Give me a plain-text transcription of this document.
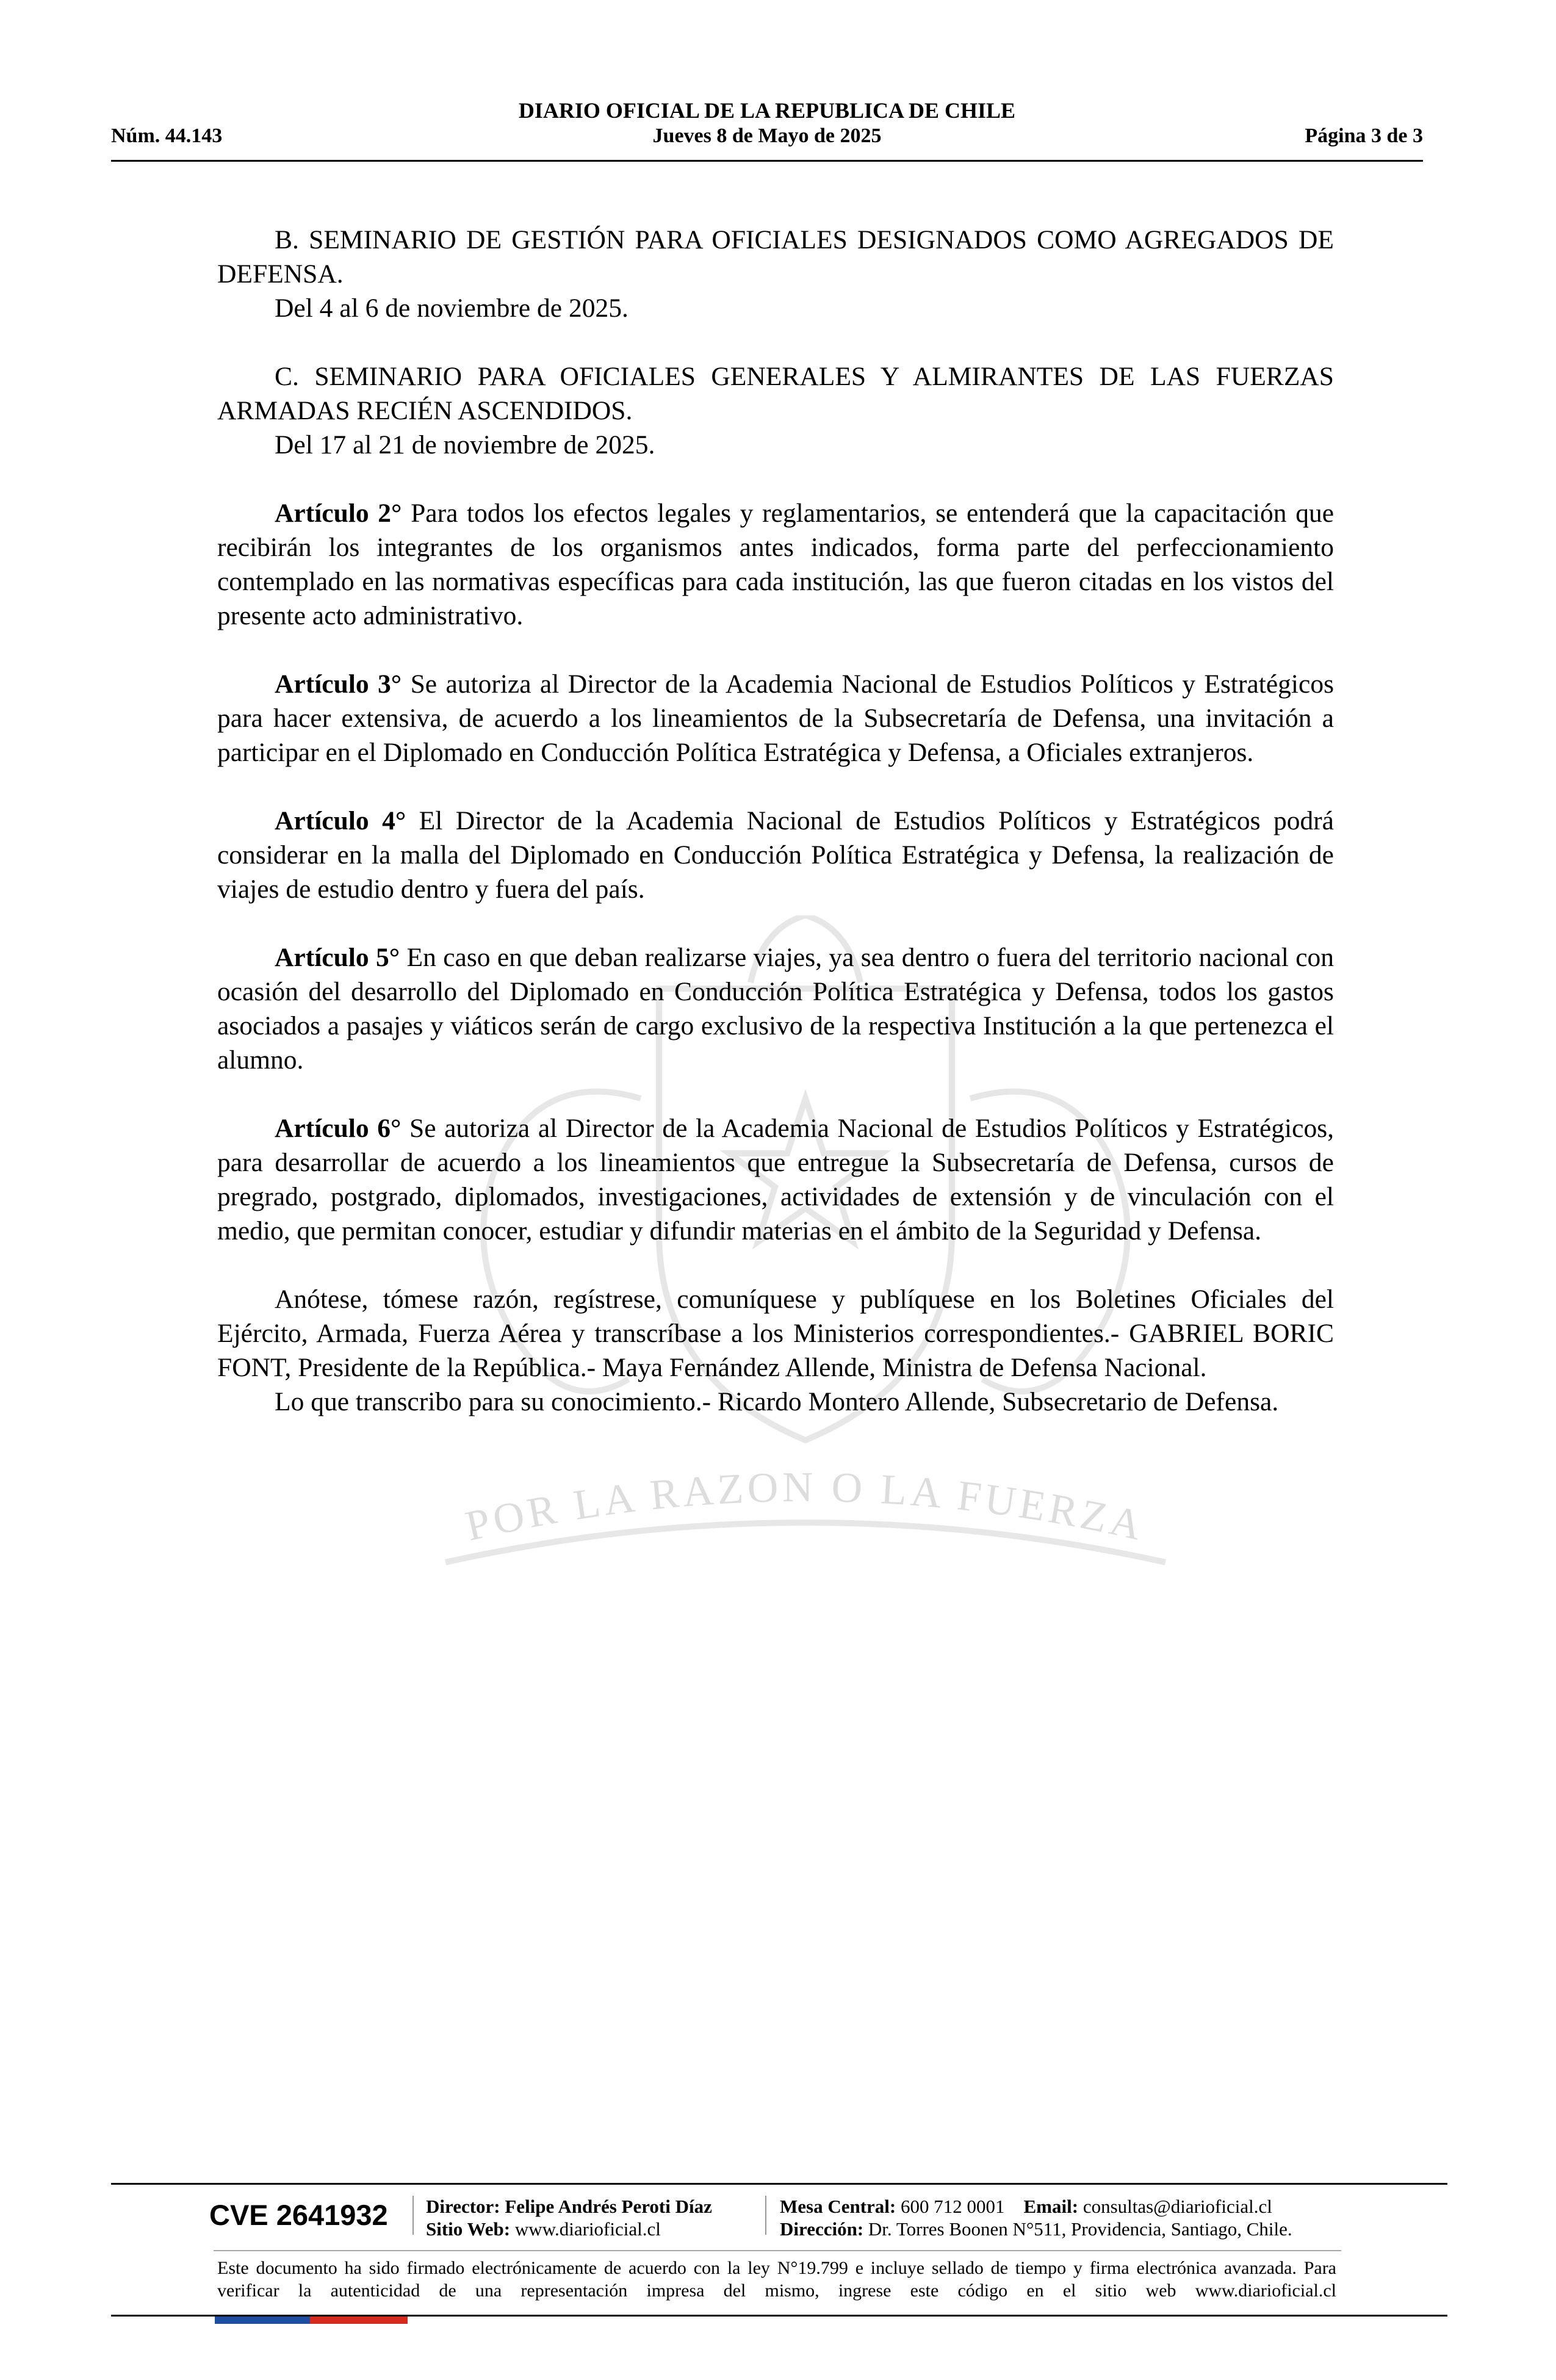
POR LA RAZON O LA FUERZA
DIARIO OFICIAL DE LA REPUBLICA DE CHILE
Núm. 44.143	Jueves 8 de Mayo de 2025	Página 3 de 3

B. SEMINARIO DE GESTIÓN PARA OFICIALES DESIGNADOS COMO AGREGADOS DE DEFENSA.

Del 4 al 6 de noviembre de 2025.

C. SEMINARIO PARA OFICIALES GENERALES Y ALMIRANTES DE LAS FUERZAS ARMADAS RECIÉN ASCENDIDOS.

Del 17 al 21 de noviembre de 2025.

Artículo 2° Para todos los efectos legales y reglamentarios, se entenderá que la capacitación que recibirán los integrantes de los organismos antes indicados, forma parte del perfeccionamiento contemplado en las normativas específicas para cada institución, las que fueron citadas en los vistos del presente acto administrativo.

Artículo 3° Se autoriza al Director de la Academia Nacional de Estudios Políticos y Estratégicos para hacer extensiva, de acuerdo a los lineamientos de la Subsecretaría de Defensa, una invitación a participar en el Diplomado en Conducción Política Estratégica y Defensa, a Oficiales extranjeros.

Artículo 4° El Director de la Academia Nacional de Estudios Políticos y Estratégicos podrá considerar en la malla del Diplomado en Conducción Política Estratégica y Defensa, la realización de viajes de estudio dentro y fuera del país.

Artículo 5° En caso en que deban realizarse viajes, ya sea dentro o fuera del territorio nacional con ocasión del desarrollo del Diplomado en Conducción Política Estratégica y Defensa, todos los gastos asociados a pasajes y viáticos serán de cargo exclusivo de la respectiva Institución a la que pertenezca el alumno.

Artículo 6° Se autoriza al Director de la Academia Nacional de Estudios Políticos y Estratégicos, para desarrollar de acuerdo a los lineamientos que entregue la Subsecretaría de Defensa, cursos de pregrado, postgrado, diplomados, investigaciones, actividades de extensión y de vinculación con el medio, que permitan conocer, estudiar y difundir materias en el ámbito de la Seguridad y Defensa.

Anótese, tómese razón, regístrese, comuníquese y publíquese en los Boletines Oficiales del Ejército, Armada, Fuerza Aérea y transcríbase a los Ministerios correspondientes.- GABRIEL BORIC FONT, Presidente de la República.- Maya Fernández Allende, Ministra de Defensa Nacional.

Lo que transcribo para su conocimiento.- Ricardo Montero Allende, Subsecretario de Defensa.

CVE 2641932	Director: Felipe Andrés Peroti Díaz
Sitio Web: www.diarioficial.cl
Mesa Central: 600 712 0001 Email: consultas@diarioficial.cl
Dirección: Dr. Torres Boonen N°511, Providencia, Santiago, Chile.
Este documento ha sido firmado electrónicamente de acuerdo con la ley N°19.799 e incluye sellado de tiempo y firma electrónica avanzada. Para verificar la autenticidad de una representación impresa del mismo, ingrese este código en el sitio web www.diarioficial.cl
